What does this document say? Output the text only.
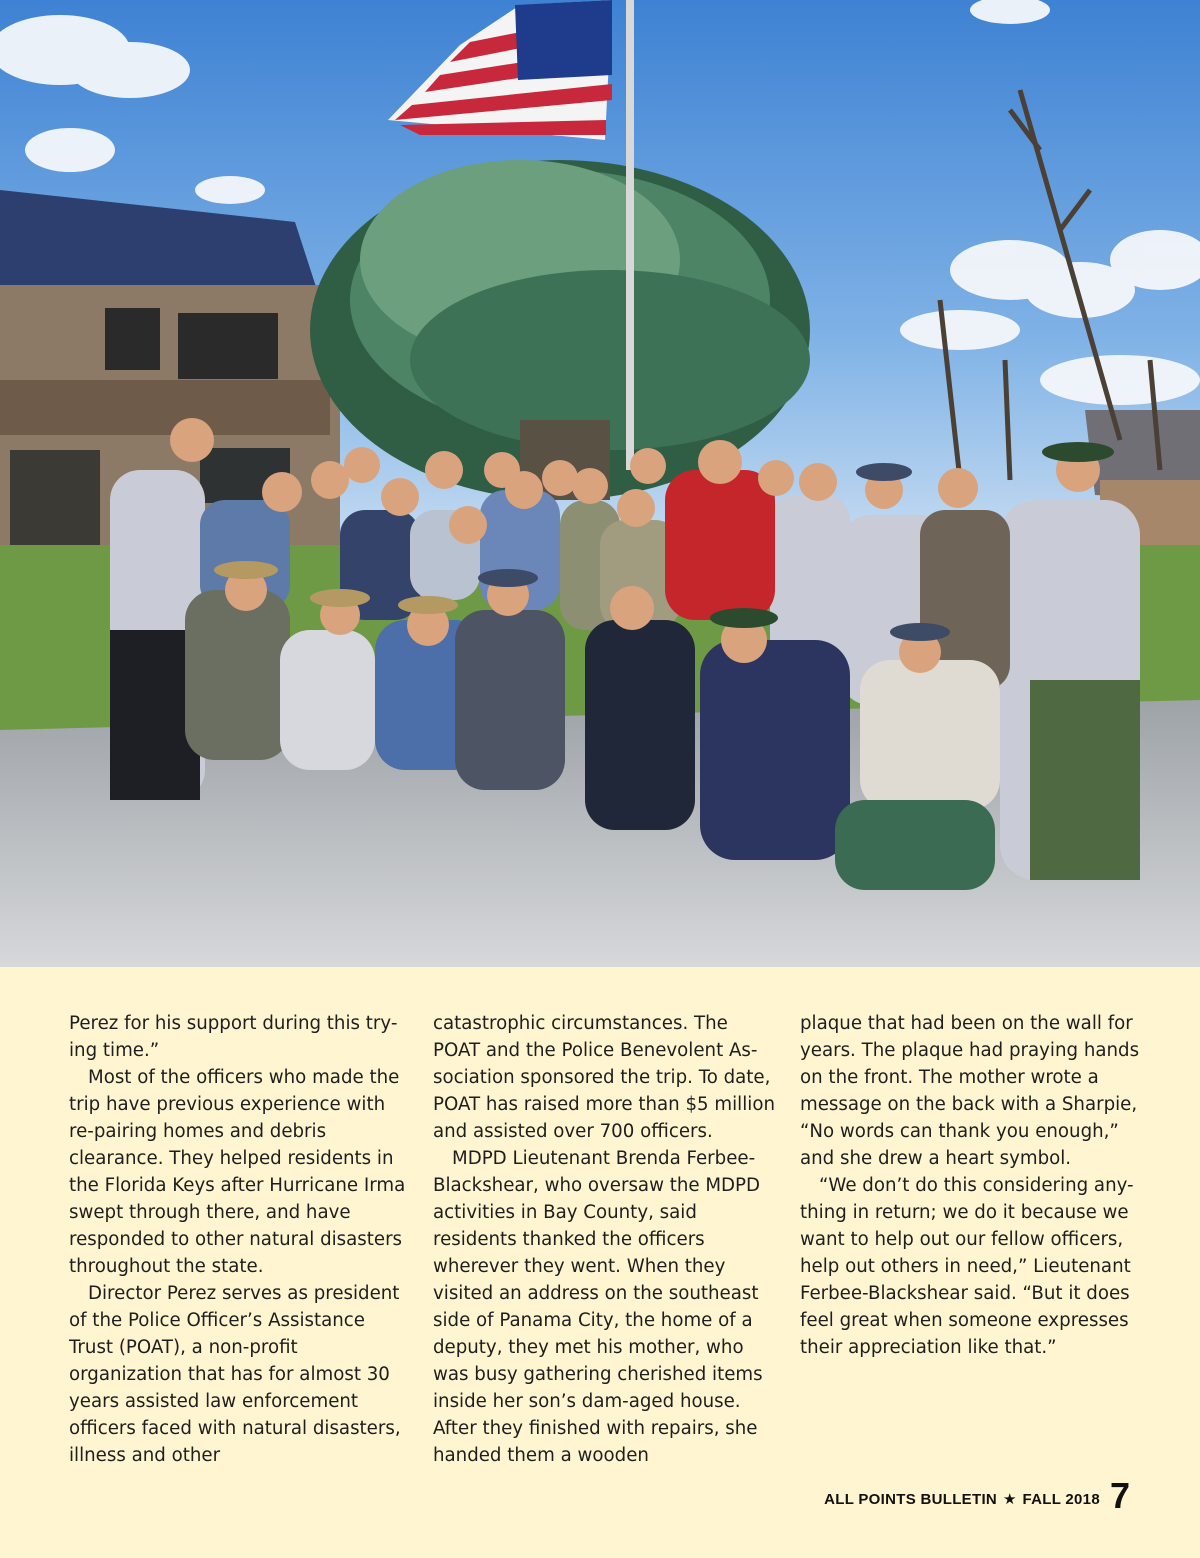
Perez for his support during this try-ing time.”

Most of the officers who made the trip have previous experience with re-pairing homes and debris clearance. They helped residents in the Florida Keys after Hurricane Irma swept through there, and have responded to other natural disasters throughout the state.

Director Perez serves as president of the Police Officer’s Assistance Trust (POAT), a non-profit organization that has for almost 30 years assisted law enforcement officers faced with natural disasters, illness and other

catastrophic circumstances. The POAT and the Police Benevolent As-sociation sponsored the trip. To date, POAT has raised more than $5 million and assisted over 700 officers.

MDPD Lieutenant Brenda Ferbee-Blackshear, who oversaw the MDPD activities in Bay County, said residents thanked the officers wherever they went. When they visited an address on the southeast side of Panama City, the home of a deputy, they met his mother, who was busy gathering cherished items inside her son’s dam-aged house. After they finished with repairs, she handed them a wooden

plaque that had been on the wall for years. The plaque had praying hands on the front. The mother wrote a message on the back with a Sharpie, “No words can thank you enough,” and she drew a heart symbol.

“We don’t do this considering any-thing in return; we do it because we want to help out our fellow officers, help out others in need,” Lieutenant Ferbee-Blackshear said. “But it does feel great when someone expresses their appreciation like that.”

ALL POINTS BULLETIN ★ FALL 2018 7
